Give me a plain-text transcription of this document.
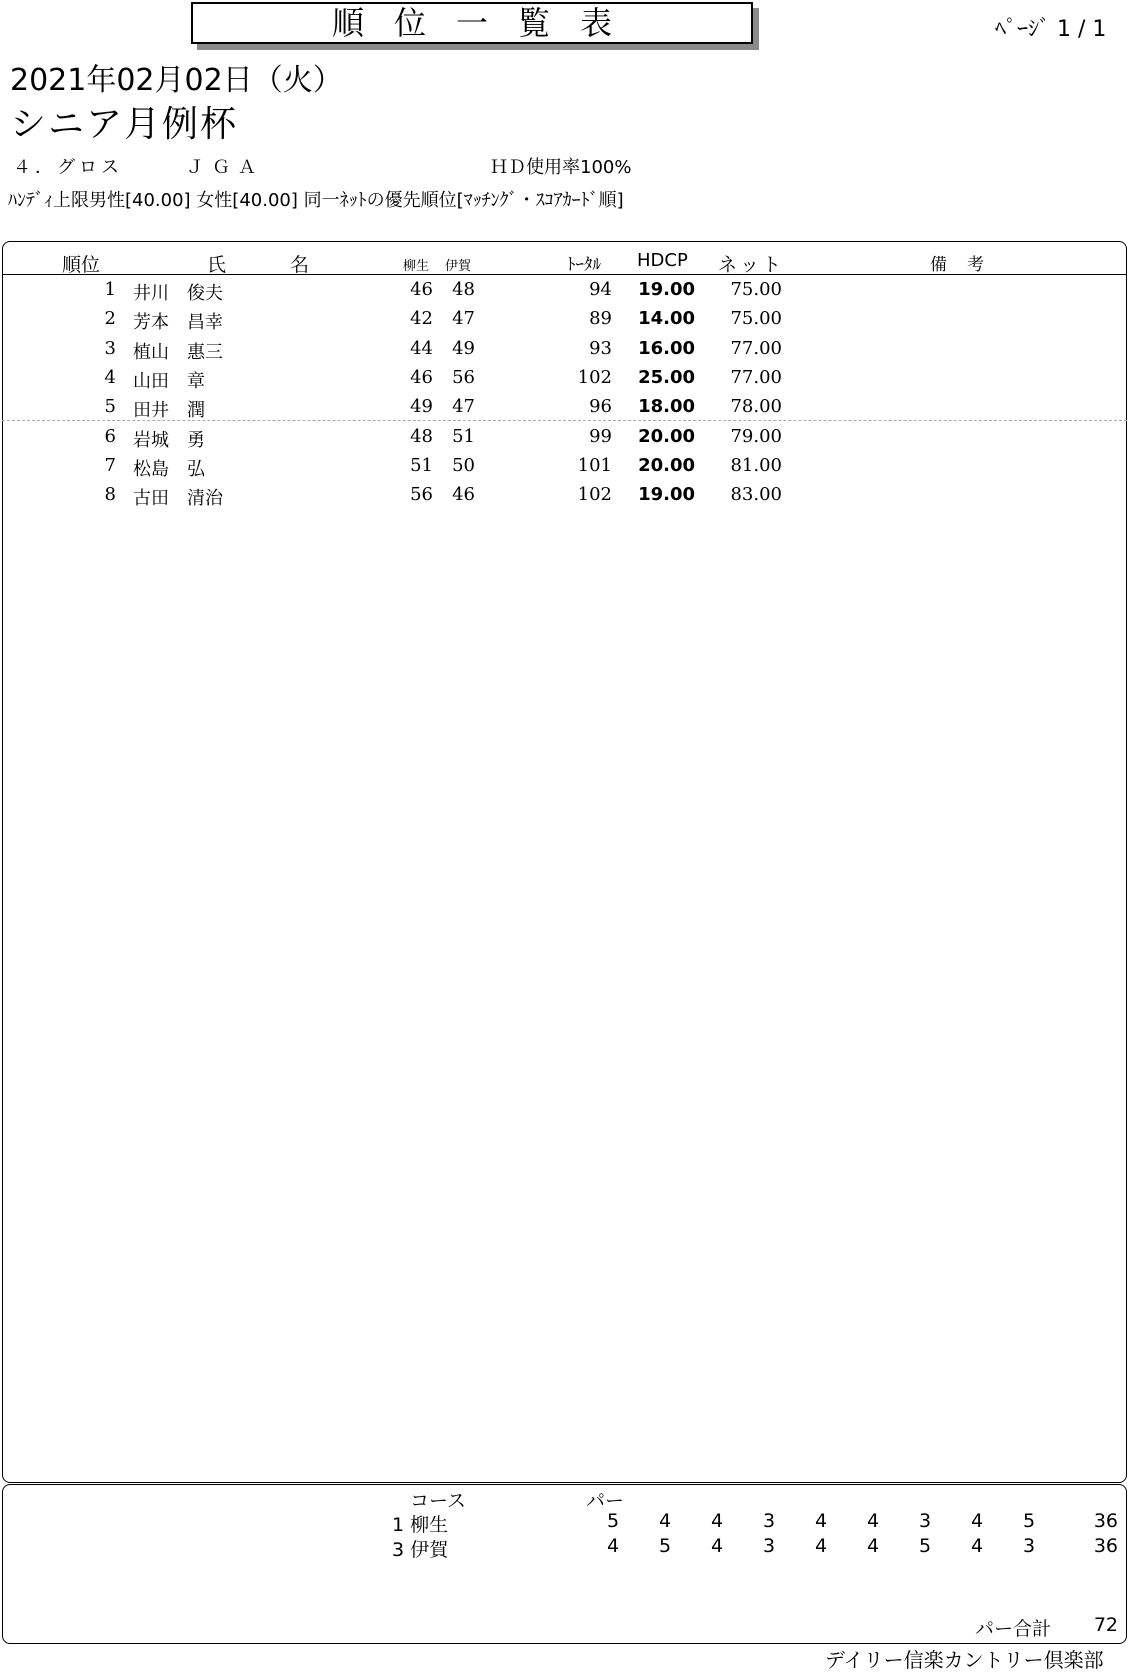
順位一覧表	ﾍﾟｰｼﾞ 1 / 1
2021年02月02日（火）
シニア月例杯
４．グロス	ＪＧＡ	ＨＤ使用率100%
ﾊﾝﾃﾞｨ上限男性[40.00] 女性[40.00] 同一ﾈｯﾄの優先順位[ﾏｯﾁﾝｸﾞ・ｽｺｱｶｰﾄﾞ順]
順位	氏	名	柳生 伊賀	ﾄｰﾀﾙ HDCP ネット	備 考
1 井川　俊夫	46	48	94	19.00	75.00
2 芳本　昌幸	42	47	89	14.00	75.00
3 植山　惠三	44	49	93	16.00	77.00
4 山田　章	46	56	102	25.00	77.00
5 田井　潤	49	47	96	18.00	78.00
6 岩城　勇	48	51	99	20.00	79.00
7 松島　弘	51	50	101	20.00	81.00
8 古田　清治	56	46	102	19.00	83.00
コース	パー
1 柳生	5	4	4	3	4	4	3	4	5	36
3 伊賀	4	5	4	3	4	4	5	4	3	36
パー合計	72
デイリー信楽カントリー倶楽部
